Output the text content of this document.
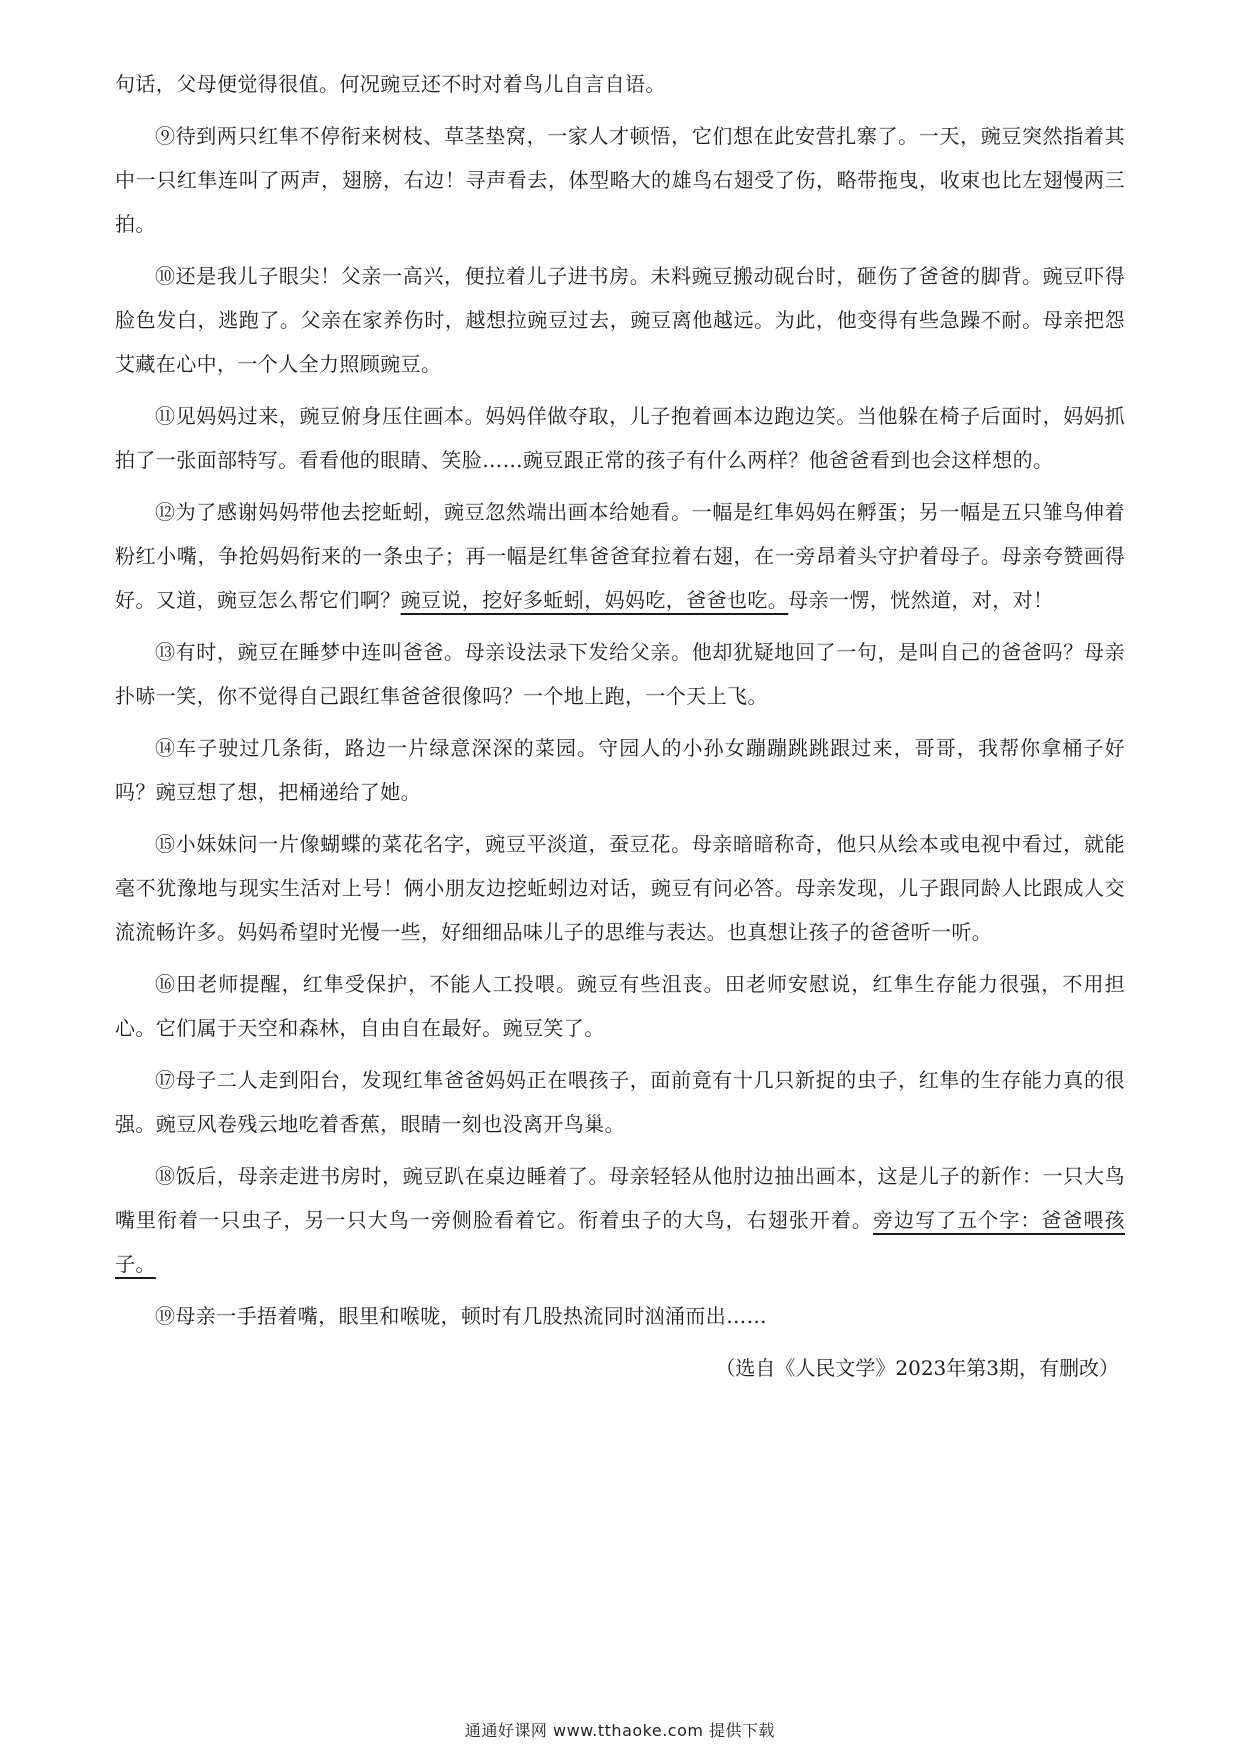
句话，父母便觉得很值。何况豌豆还不时对着鸟儿自言自语。

⑨待到两只红隼不停衔来树枝、草茎垫窝，一家人才顿悟，它们想在此安营扎寨了。一天，豌豆突然指着其中一只红隼连叫了两声，翅膀，右边！寻声看去，体型略大的雄鸟右翅受了伤，略带拖曳，收束也比左翅慢两三拍。

⑩还是我儿子眼尖！父亲一高兴，便拉着儿子进书房。未料豌豆搬动砚台时，砸伤了爸爸的脚背。豌豆吓得脸色发白，逃跑了。父亲在家养伤时，越想拉豌豆过去，豌豆离他越远。为此，他变得有些急躁不耐。母亲把怨艾藏在心中，一个人全力照顾豌豆。

⑪见妈妈过来，豌豆俯身压住画本。妈妈佯做夺取，儿子抱着画本边跑边笑。当他躲在椅子后面时，妈妈抓拍了一张面部特写。看看他的眼睛、笑脸……豌豆跟正常的孩子有什么两样？他爸爸看到也会这样想的。

⑫为了感谢妈妈带他去挖蚯蚓，豌豆忽然端出画本给她看。一幅是红隼妈妈在孵蛋；另一幅是五只雏鸟伸着粉红小嘴，争抢妈妈衔来的一条虫子；再一幅是红隼爸爸耷拉着右翅，在一旁昂着头守护着母子。母亲夸赞画得好。又道，豌豆怎么帮它们啊？豌豆说，挖好多蚯蚓，妈妈吃，爸爸也吃。母亲一愣，恍然道，对，对！

⑬有时，豌豆在睡梦中连叫爸爸。母亲设法录下发给父亲。他却犹疑地回了一句，是叫自己的爸爸吗？母亲扑哧一笑，你不觉得自己跟红隼爸爸很像吗？一个地上跑，一个天上飞。

⑭车子驶过几条街，路边一片绿意深深的菜园。守园人的小孙女蹦蹦跳跳跟过来，哥哥，我帮你拿桶子好吗？豌豆想了想，把桶递给了她。

⑮小妹妹问一片像蝴蝶的菜花名字，豌豆平淡道，蚕豆花。母亲暗暗称奇，他只从绘本或电视中看过，就能毫不犹豫地与现实生活对上号！俩小朋友边挖蚯蚓边对话，豌豆有问必答。母亲发现，儿子跟同龄人比跟成人交流流畅许多。妈妈希望时光慢一些，好细细品味儿子的思维与表达。也真想让孩子的爸爸听一听。

⑯田老师提醒，红隼受保护，不能人工投喂。豌豆有些沮丧。田老师安慰说，红隼生存能力很强，不用担心。它们属于天空和森林，自由自在最好。豌豆笑了。

⑰母子二人走到阳台，发现红隼爸爸妈妈正在喂孩子，面前竟有十几只新捉的虫子，红隼的生存能力真的很强。豌豆风卷残云地吃着香蕉，眼睛一刻也没离开鸟巢。

⑱饭后，母亲走进书房时，豌豆趴在桌边睡着了。母亲轻轻从他肘边抽出画本，这是儿子的新作：一只大鸟嘴里衔着一只虫子，另一只大鸟一旁侧脸看着它。衔着虫子的大鸟，右翅张开着。旁边写了五个字：爸爸喂孩子。

⑲母亲一手捂着嘴，眼里和喉咙，顿时有几股热流同时汹涌而出……

（选自《人民文学》2023年第3期，有删改）

通通好课网 www.tthaoke.com 提供下载
